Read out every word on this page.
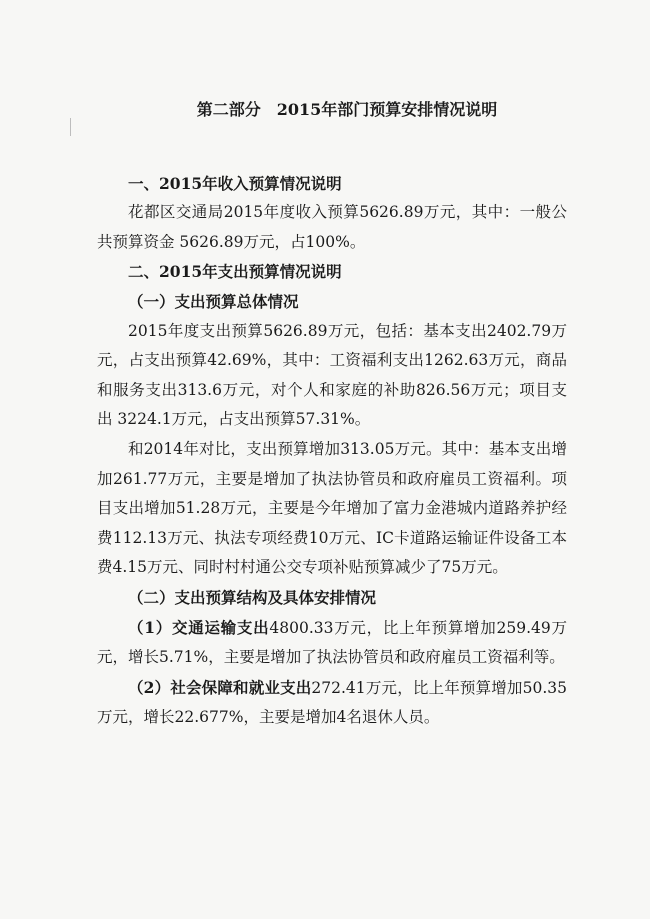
第二部分　2015年部门预算安排情况说明

一、2015年收入预算情况说明

花都区交通局2015年度收入预算5626.89万元，其中：一般公共预算资金 5626.89万元，占100%。

二、2015年支出预算情况说明

（一）支出预算总体情况

2015年度支出预算5626.89万元，包括：基本支出2402.79万元，占支出预算42.69%，其中：工资福利支出1262.63万元，商品和服务支出313.6万元，对个人和家庭的补助826.56万元；项目支出 3224.1万元，占支出预算57.31%。

和2014年对比，支出预算增加313.05万元。其中：基本支出增加261.77万元，主要是增加了执法协管员和政府雇员工资福利。项目支出增加51.28万元，主要是今年增加了富力金港城内道路养护经费112.13万元、执法专项经费10万元、IC卡道路运输证件设备工本费4.15万元、同时村村通公交专项补贴预算减少了75万元。

（二）支出预算结构及具体安排情况

（1）交通运输支出4800.33万元，比上年预算增加259.49万元，增长5.71%，主要是增加了执法协管员和政府雇员工资福利等。

（2）社会保障和就业支出272.41万元，比上年预算增加50.35万元，增长22.677%，主要是增加4名退休人员。
